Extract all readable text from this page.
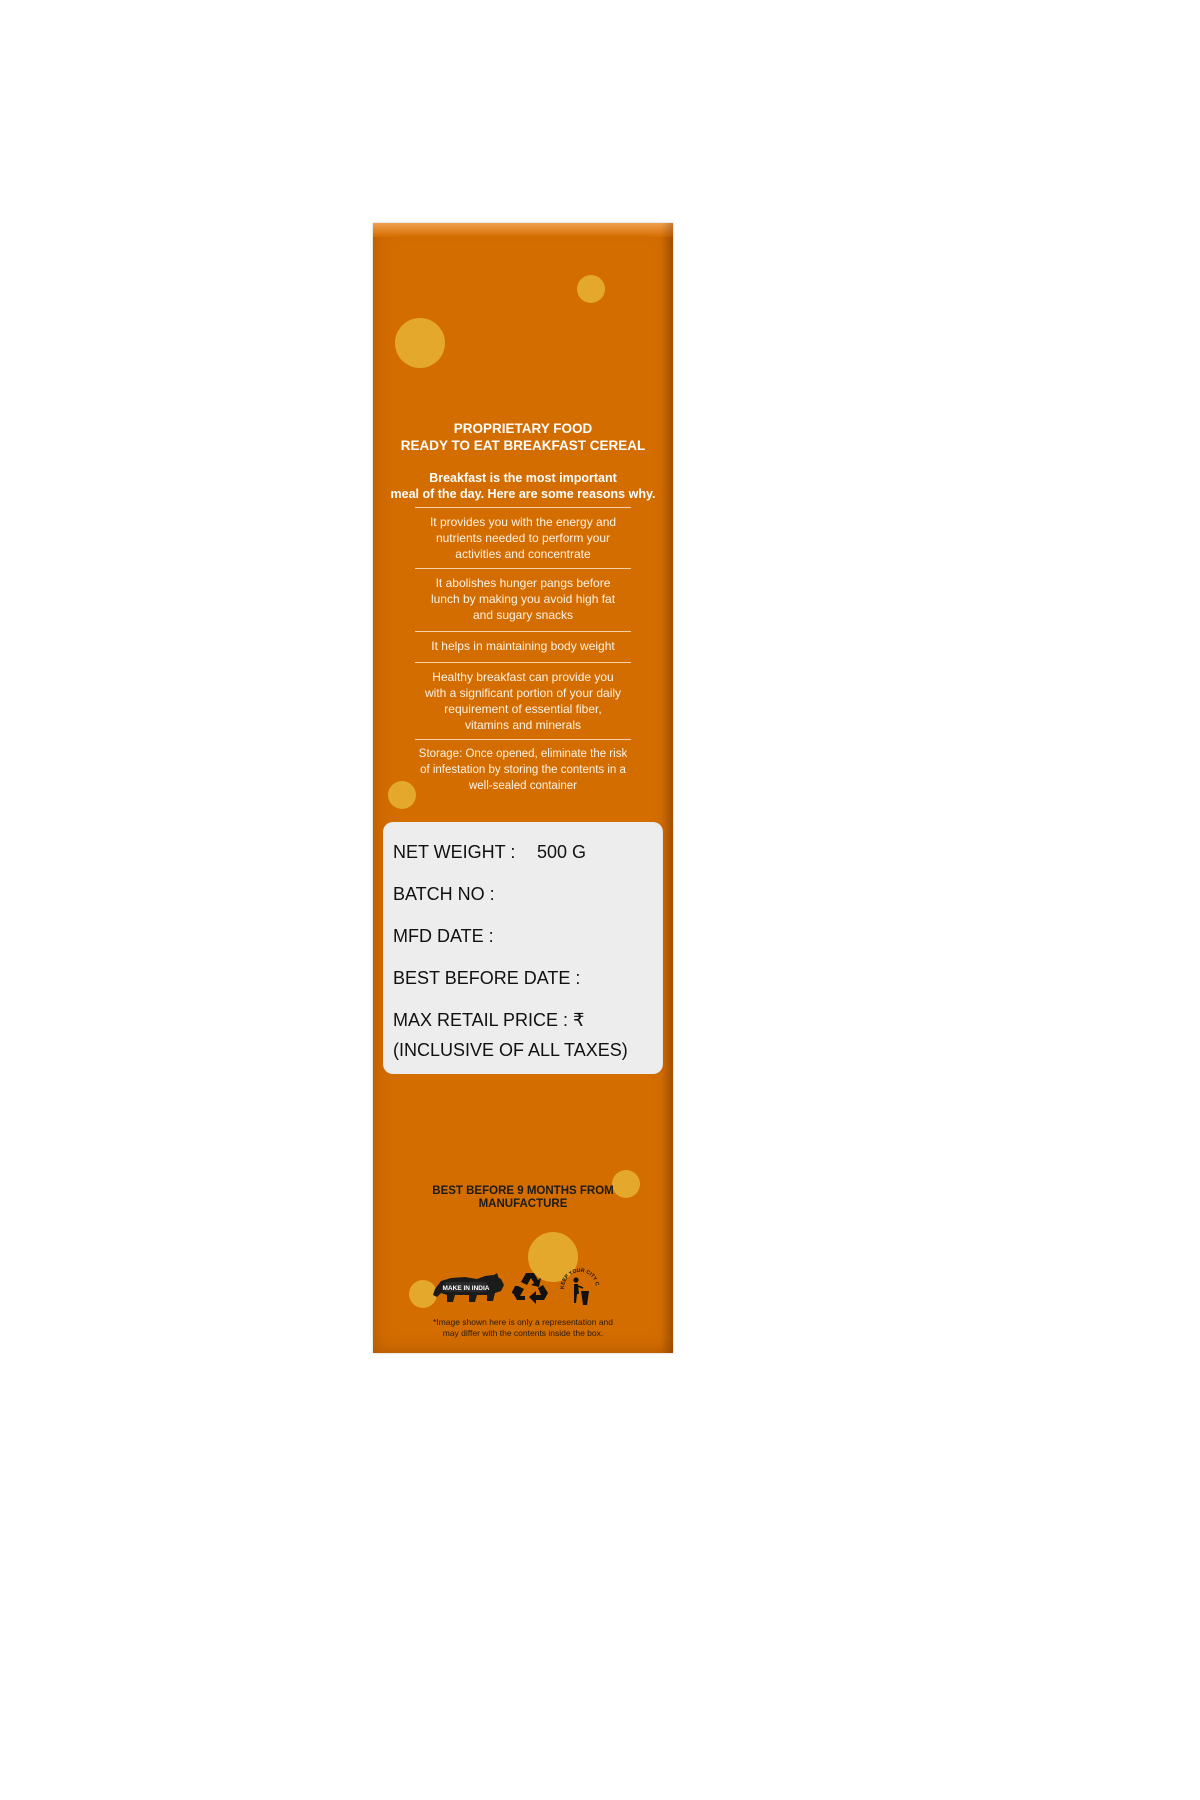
PROPRIETARY FOOD
READY TO EAT BREAKFAST CEREAL
Breakfast is the most important
meal of the day. Here are some reasons why.
It provides you with the energy and
nutrients needed to perform your
activities and concentrate
It abolishes hunger pangs before
lunch by making you avoid high fat
and sugary snacks
It helps in maintaining body weight
Healthy breakfast can provide you
with a significant portion of your daily
requirement of essential fiber,
vitamins and minerals
Storage: Once opened, eliminate the risk
of infestation by storing the contents in a
well-sealed container
NET WEIGHT : 500 G
BATCH NO :
MFD DATE :
BEST BEFORE DATE :
MAX RETAIL PRICE : ₹
(INCLUSIVE OF ALL TAXES)
BEST BEFORE 9 MONTHS FROM
MANUFACTURE
MAKE IN INDIA	KEEP YOUR CITY C
*Image shown here is only a representation and
may differ with the contents inside the box.
